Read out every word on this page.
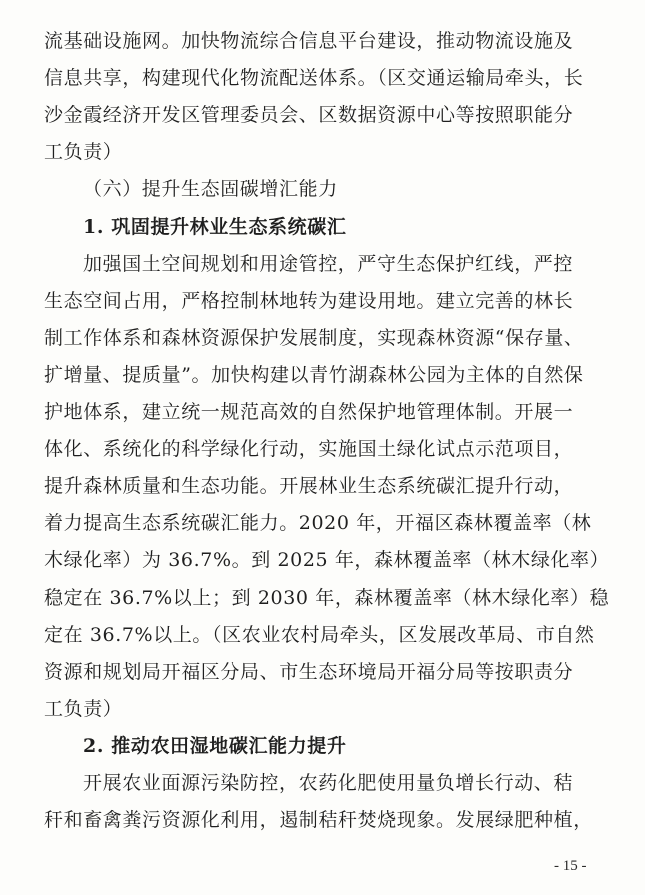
流基础设施网。加快物流综合信息平台建设，推动物流设施及
信息共享，构建现代化物流配送体系。（区交通运输局牵头，长
沙金霞经济开发区管理委员会、区数据资源中心等按照职能分
工负责）
（六）提升生态固碳增汇能力
1. 巩固提升林业生态系统碳汇
加强国土空间规划和用途管控，严守生态保护红线，严控
生态空间占用，严格控制林地转为建设用地。建立完善的林长
制工作体系和森林资源保护发展制度，实现森林资源“保存量、
扩增量、提质量”。加快构建以青竹湖森林公园为主体的自然保
护地体系，建立统一规范高效的自然保护地管理体制。开展一
体化、系统化的科学绿化行动，实施国土绿化试点示范项目，
提升森林质量和生态功能。开展林业生态系统碳汇提升行动，
着力提高生态系统碳汇能力。2020 年，开福区森林覆盖率（林
木绿化率）为 36.7%。到 2025 年，森林覆盖率（林木绿化率）
稳定在 36.7%以上；到 2030 年，森林覆盖率（林木绿化率）稳
定在 36.7%以上。（区农业农村局牵头，区发展改革局、市自然
资源和规划局开福区分局、市生态环境局开福分局等按职责分
工负责）
2. 推动农田湿地碳汇能力提升
开展农业面源污染防控，农药化肥使用量负增长行动、秸
秆和畜禽粪污资源化利用，遏制秸秆焚烧现象。发展绿肥种植，
- 15 -
